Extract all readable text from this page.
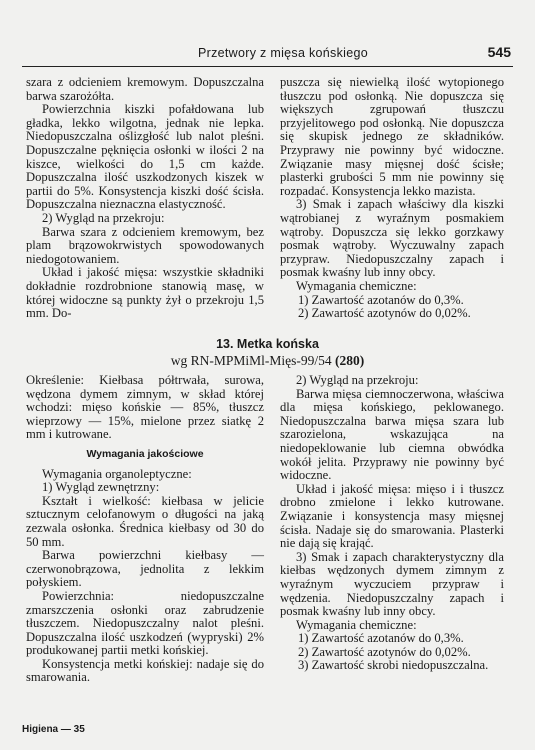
Przetwory z mięsa końskiego	545

szara z odcieniem kremowym. Dopuszczalna barwa szarożółta.

Powierzchnia kiszki pofałdowana lub gładka, lekko wilgotna, jednak nie lepka. Niedopuszczalna oślizgłość lub nalot pleśni. Dopuszczalne pęknięcia osłonki w ilości 2 na kiszce, wielkości do 1,5 cm każde. Dopuszczalna ilość uszkodzonych kiszek w partii do 5%. Konsystencja kiszki dość ścisła. Dopuszczalna nieznaczna elastyczność.

2) Wygląd na przekroju:

Barwa szara z odcieniem kremowym, bez plam brązowokrwistych spowodowanych niedogotowaniem.

Układ i jakość mięsa: wszystkie składniki dokładnie rozdrobnione stanowią masę, w której widoczne są punkty żył o przekroju 1,5 mm. Do-

puszcza się niewielką ilość wytopionego tłuszczu pod osłonką. Nie dopuszcza się większych zgrupowań tłuszczu przyjelitowego pod osłonką. Nie dopuszcza się skupisk jednego ze składników. Przyprawy nie powinny być widoczne. Związanie masy mięsnej dość ścisłe; plasterki grubości 5 mm nie powinny się rozpadać. Konsystencja lekko mazista.

3) Smak i zapach właściwy dla kiszki wątrobianej z wyraźnym posmakiem wątroby. Dopuszcza się lekko gorzkawy posmak wątroby. Wyczuwalny zapach przypraw. Niedopuszczalny zapach i posmak kwaśny lub inny obcy.

Wymagania chemiczne:

1) Zawartość azotanów do 0,3%.

2) Zawartość azotynów do 0,02%.

13. Metka końska
wg RN-MPMiMl-Mięs-99/54 (280)

Określenie: Kiełbasa półtrwała, surowa, wędzona dymem zimnym, w skład której wchodzi: mięso końskie — 85%, tłuszcz wieprzowy — 15%, mielone przez siatkę 2 mm i kutrowane.

Wymagania jakościowe

Wymagania organoleptyczne:

1) Wygląd zewnętrzny:

Kształt i wielkość: kiełbasa w jelicie sztucznym celofanowym o długości na jaką zezwala osłonka. Średnica kiełbasy od 30 do 50 mm.

Barwa powierzchni kiełbasy — czerwonobrązowa, jednolita z lekkim połyskiem.

Powierzchnia: niedopuszczalne zmarszczenia osłonki oraz zabrudzenie tłuszczem. Niedopuszczalny nalot pleśni. Dopuszczalna ilość uszkodzeń (wypryski) 2% produkowanej partii metki końskiej.

Konsystencja metki końskiej: nadaje się do smarowania.

2) Wygląd na przekroju:

Barwa mięsa ciemnoczerwona, właściwa dla mięsa końskiego, peklowanego. Niedopuszczalna barwa mięsa szara lub szarozielona, wskazująca na niedopeklowanie lub ciemna obwódka wokół jelita. Przyprawy nie powinny być widoczne.

Układ i jakość mięsa: mięso i i tłuszcz drobno zmielone i lekko kutrowane. Związanie i konsystencja masy mięsnej ścisła. Nadaje się do smarowania. Plasterki nie dają się krająć.

3) Smak i zapach charakterystyczny dla kiełbas wędzonych dymem zimnym z wyraźnym wyczuciem przypraw i wędzenia. Niedopuszczalny zapach i posmak kwaśny lub inny obcy.

Wymagania chemiczne:

1) Zawartość azotanów do 0,3%.

2) Zawartość azotynów do 0,02%.

3) Zawartość skrobi niedopuszczalna.

Higiena — 35
